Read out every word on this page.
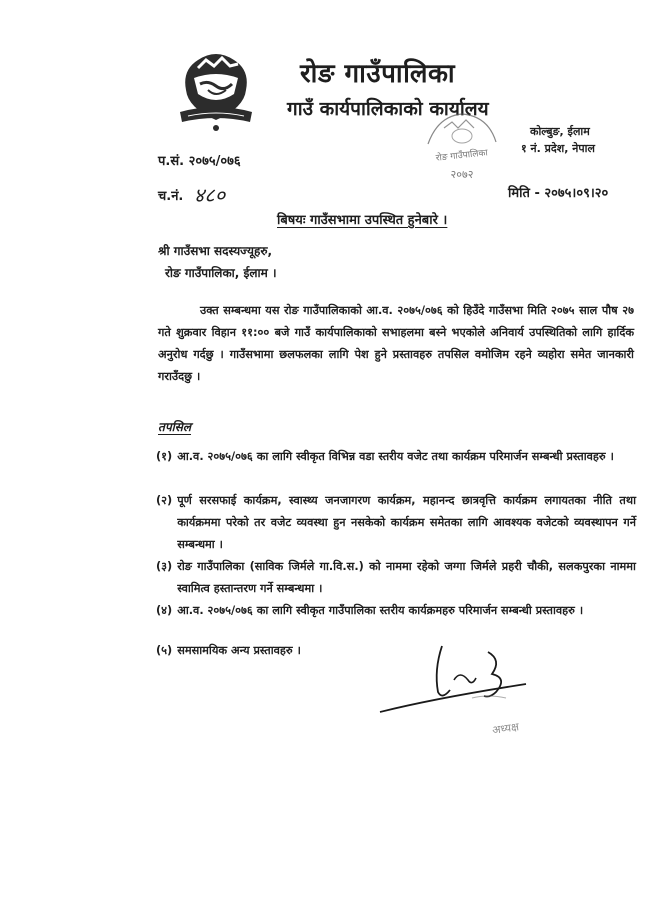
रोङ गाउँपालिका
गाउँ कार्यपालिकाको कार्यालय
कोल्बुङ, ईलाम
१ नं. प्रदेश, नेपाल
रोङ गाउँपालिका
२०७२
प.सं. २०७५/०७६
च.नं. ४८०	मिति - २०७५।०९।२०
बिषयः गाउँसभामा उपस्थित हुनेबारे ।
श्री गाउँसभा सदस्यज्यूहरु,
रोङ गाउँपालिका, ईलाम ।
उक्त सम्बन्धमा यस रोङ गाउँपालिकाको आ.व. २०७५/०७६ को हिउँदे गाउँसभा मिति २०७५ साल पौष २७ गते शुक्रवार विहान ११:०० बजे गाउँ कार्यपालिकाको सभाहलमा बस्ने भएकोले अनिवार्य उपस्थितिको लागि हार्दिक अनुरोध गर्दछु । गाउँसभामा छलफलका लागि पेश हुने प्रस्तावहरु तपसिल वमोजिम रहने व्यहोरा समेत जानकारी गराउँदछु ।
तपसिल
(१) आ.व. २०७५/०७६ का लागि स्वीकृत विभिन्न वडा स्तरीय वजेट तथा कार्यक्रम परिमार्जन सम्बन्धी प्रस्तावहरु ।
(२) पूर्ण सरसफाई कार्यक्रम, स्वास्थ्य जनजागरण कार्यक्रम, महानन्द छात्रवृत्ति कार्यक्रम लगायतका नीति तथा कार्यक्रममा परेको तर वजेट व्यवस्था हुन नसकेको कार्यक्रम समेतका लागि आवश्यक वजेटको व्यवस्थापन गर्ने सम्बन्धमा ।
(३) रोङ गाउँपालिका (साविक जिर्मले गा.वि.स.) को नाममा रहेको जग्गा जिर्मले प्रहरी चौकी, सलकपुरका नाममा स्वामित्व हस्तान्तरण गर्ने सम्बन्धमा ।
(४) आ.व. २०७५/०७६ का लागि स्वीकृत गाउँपालिका स्तरीय कार्यक्रमहरु परिमार्जन सम्बन्धी प्रस्तावहरु ।
(५) समसामयिक अन्य प्रस्तावहरु ।
अध्यक्ष
